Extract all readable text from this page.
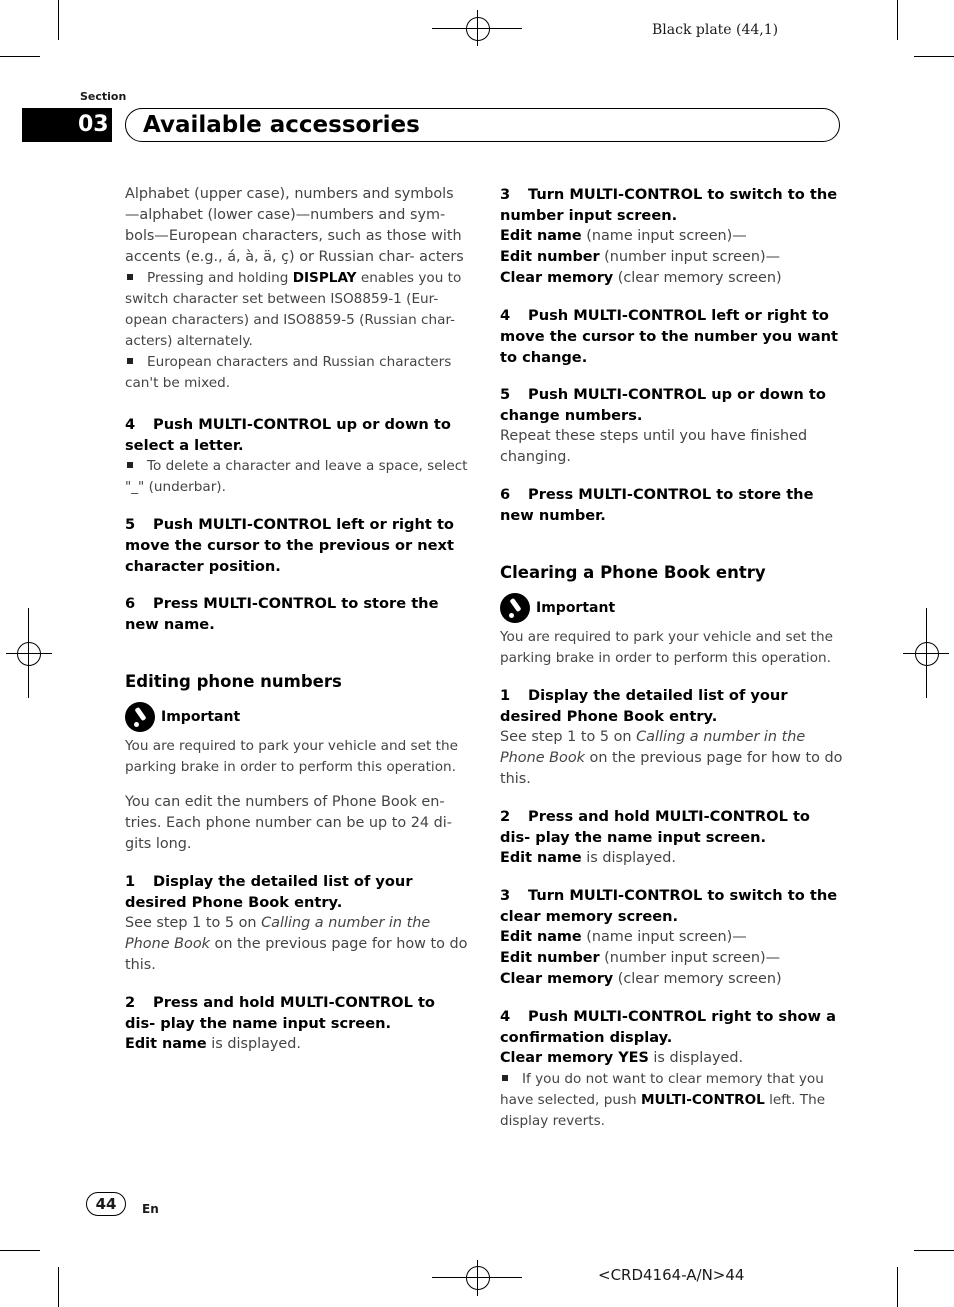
Black plate (44,1)
Section
03 Available accessories

Alphabet (upper case), numbers and symbols —alphabet (lower case)—numbers and sym- bols—European characters, such as those with accents (e.g., á, à, ä, ç) or Russian char- acters

Pressing and holding DISPLAY enables you to switch character set between ISO8859-1 (Eur- opean characters) and ISO8859-5 (Russian char- acters) alternately.

European characters and Russian characters can't be mixed.

4 Push MULTI-CONTROL up or down to select a letter.

To delete a character and leave a space, select "_" (underbar).

5 Push MULTI-CONTROL left or right to move the cursor to the previous or next character position.

6 Press MULTI-CONTROL to store the new name.

Editing phone numbers

Important

You are required to park your vehicle and set the parking brake in order to perform this operation.

You can edit the numbers of Phone Book en- tries. Each phone number can be up to 24 di- gits long.

1 Display the detailed list of your desired Phone Book entry.

See step 1 to 5 on Calling a number in the Phone Book on the previous page for how to do this.

2 Press and hold MULTI-CONTROL to dis- play the name input screen.

Edit name is displayed.

3 Turn MULTI-CONTROL to switch to the number input screen.

Edit name (name input screen)—

Edit number (number input screen)—

Clear memory (clear memory screen)

4 Push MULTI-CONTROL left or right to move the cursor to the number you want to change.

5 Push MULTI-CONTROL up or down to change numbers.

Repeat these steps until you have finished changing.

6 Press MULTI-CONTROL to store the new number.

Clearing a Phone Book entry

Important

You are required to park your vehicle and set the parking brake in order to perform this operation.

1 Display the detailed list of your desired Phone Book entry.

See step 1 to 5 on Calling a number in the Phone Book on the previous page for how to do this.

2 Press and hold MULTI-CONTROL to dis- play the name input screen.

Edit name is displayed.

3 Turn MULTI-CONTROL to switch to the clear memory screen.

Edit name (name input screen)—

Edit number (number input screen)—

Clear memory (clear memory screen)

4 Push MULTI-CONTROL right to show a confirmation display.

Clear memory YES is displayed.

If you do not want to clear memory that you have selected, push MULTI-CONTROL left. The display reverts.

44	En
<CRD4164-A/N>44
